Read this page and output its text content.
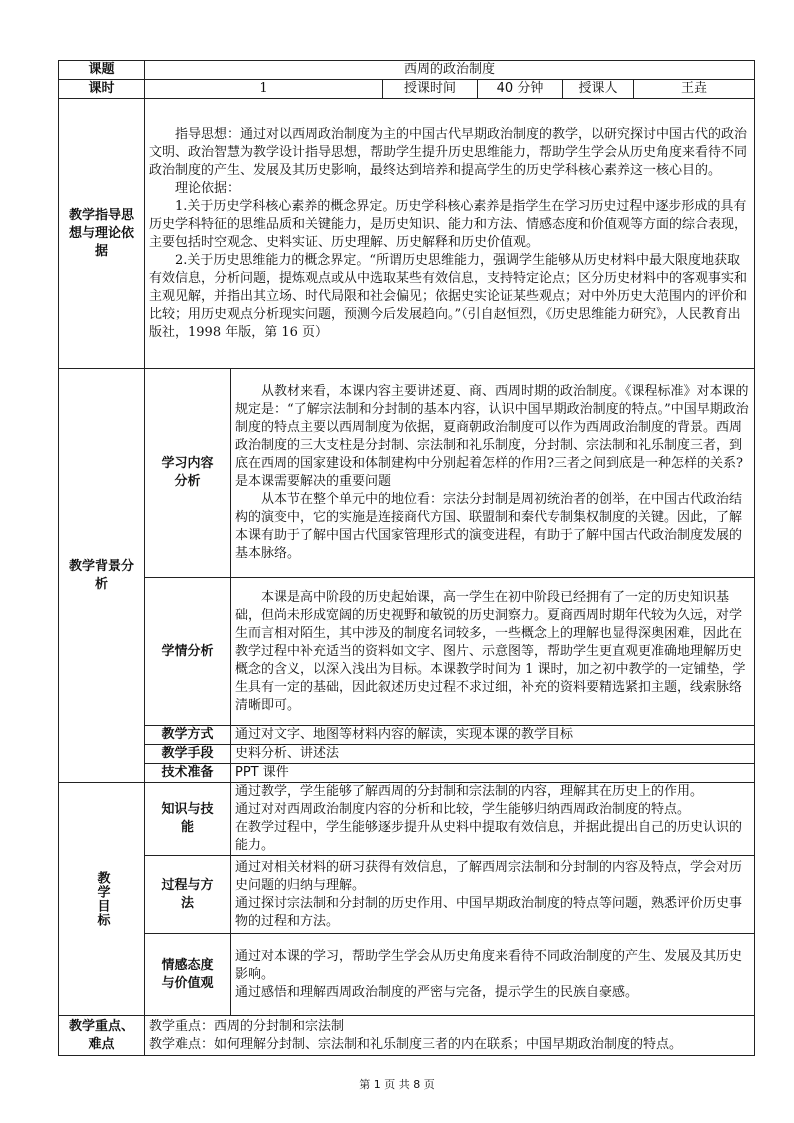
课题	西周的政治制度				
课时	1		授课时间	40 分钟	授课人 王垚

教学指导思想与理论依据	指导思想：通过对以西周政治制度为主的中国古代早期政治制度的教学，以研究探讨中国古代的政治文明、政治智慧为教学设计指导思想，帮助学生提升历史思维能力，帮助学生学会从历史角度来看待不同政治制度的产生、发展及其历史影响，最终达到培养和提高学生的历史学科核心素养这一核心目的。

理论依据：

1.关于历史学科核心素养的概念界定。历史学科核心素养是指学生在学习历史过程中逐步形成的具有历史学科特征的思维品质和关键能力，是历史知识、能力和方法、情感态度和价值观等方面的综合表现，主要包括时空观念、史料实证、历史理解、历史解释和历史价值观。

2.关于历史思维能力的概念界定。“所谓历史思维能力，强调学生能够从历史材料中最大限度地获取有效信息，分析问题，提炼观点或从中选取某些有效信息，支持特定论点；区分历史材料中的客观事实和主观见解，并指出其立场、时代局限和社会偏见；依据史实论证某些观点；对中外历史大范围内的评价和比较；用历史观点分析现实问题，预测今后发展趋向。”（引自赵恒烈，《历史思维能力研究》，人民教育出版社，1998 年版，第 16 页）				

教学背景分析	学习内容分析	从教材来看，本课内容主要讲述夏、商、西周时期的政治制度。《课程标准》对本课的规定是：“了解宗法制和分封制的基本内容，认识中国早期政治制度的特点。”中国早期政治制度的特点主要以西周制度为依据，夏商朝政治制度可以作为西周政治制度的背景。西周政治制度的三大支柱是分封制、宗法制和礼乐制度，分封制、宗法制和礼乐制度三者，到底在西周的国家建设和体制建构中分别起着怎样的作用?三者之间到底是一种怎样的关系?是本课需要解决的重要问题

从本节在整个单元中的地位看：宗法分封制是周初统治者的创举，在中国古代政治结构的演变中，它的实施是连接商代方国、联盟制和秦代专制集权制度的关键。因此，了解本课有助于了解中国古代国家管理形式的演变进程，有助于了解中国古代政治制度发展的基本脉络。			

	学情分析	本课是高中阶段的历史起始课，高一学生在初中阶段已经拥有了一定的历史知识基础，但尚未形成宽阔的历史视野和敏锐的历史洞察力。夏商西周时期年代较为久远，对学生而言相对陌生，其中涉及的制度名词较多，一些概念上的理解也显得深奥困难，因此在教学过程中补充适当的资料如文字、图片、示意图等，帮助学生更直观更准确地理解历史概念的含义，以深入浅出为目标。本课教学时间为 1 课时，加之初中教学的一定铺垫，学生具有一定的基础，因此叙述历史过程不求过细，补充的资料要精选紧扣主题，线索脉络清晰即可。			

	教学方式	通过对文字、地图等材料内容的解读，实现本课的教学目标			
	教学手段	史料分析、讲述法			
	技术准备	PPT 课件			

教学目标	知识与技能	通过教学，学生能够了解西周的分封制和宗法制的内容，理解其在历史上的作用。

通过对对西周政治制度内容的分析和比较，学生能够归纳西周政治制度的特点。

在教学过程中，学生能够逐步提升从史料中提取有效信息，并据此提出自己的历史认识的能力。			

	过程与方法	通过对相关材料的研习获得有效信息，了解西周宗法制和分封制的内容及特点，学会对历史问题的归纳与理解。

通过探讨宗法制和分封制的历史作用、中国早期政治制度的特点等问题，熟悉评价历史事物的过程和方法。			

	情感态度与价值观	通过对本课的学习，帮助学生学会从历史角度来看待不同政治制度的产生、发展及其历史影响。

通过感悟和理解西周政治制度的严密与完备，提示学生的民族自豪感。			

教学重点、难点	教学重点：西周的分封制和宗法制

教学难点：如何理解分封制、宗法制和礼乐制度三者的内在联系；中国早期政治制度的特点。				

第 1 页 共 8 页
